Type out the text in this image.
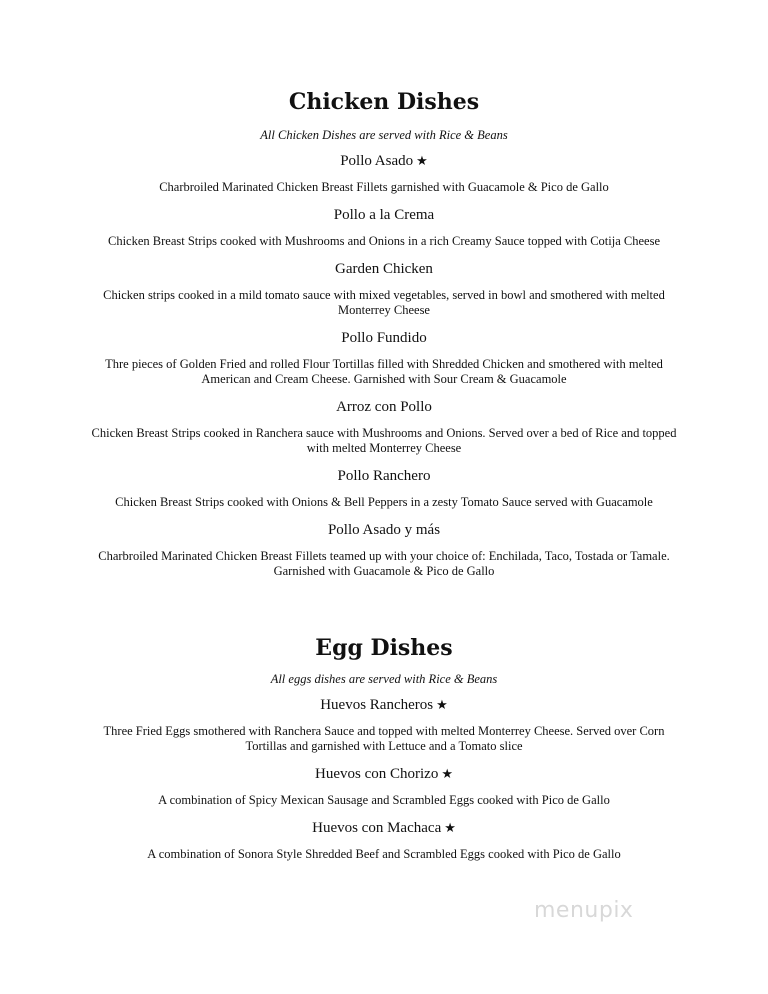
Chicken Dishes

All Chicken Dishes are served with Rice & Beans

Pollo Asado ★

Charbroiled Marinated Chicken Breast Fillets garnished with Guacamole & Pico de Gallo

Pollo a la Crema

Chicken Breast Strips cooked with Mushrooms and Onions in a rich Creamy Sauce topped with Cotija Cheese

Garden Chicken

Chicken strips cooked in a mild tomato sauce with mixed vegetables, served in bowl and smothered with melted Monterrey Cheese

Pollo Fundido

Thre pieces of Golden Fried and rolled Flour Tortillas filled with Shredded Chicken and smothered with melted American and Cream Cheese. Garnished with Sour Cream & Guacamole

Arroz con Pollo

Chicken Breast Strips cooked in Ranchera sauce with Mushrooms and Onions. Served over a bed of Rice and topped with melted Monterrey Cheese

Pollo Ranchero

Chicken Breast Strips cooked with Onions & Bell Peppers in a zesty Tomato Sauce served with Guacamole

Pollo Asado y más

Charbroiled Marinated Chicken Breast Fillets teamed up with your choice of: Enchilada, Taco, Tostada or Tamale. Garnished with Guacamole & Pico de Gallo

Egg Dishes

All eggs dishes are served with Rice & Beans

Huevos Rancheros ★

Three Fried Eggs smothered with Ranchera Sauce and topped with melted Monterrey Cheese. Served over Corn Tortillas and garnished with Lettuce and a Tomato slice

Huevos con Chorizo ★

A combination of Spicy Mexican Sausage and Scrambled Eggs cooked with Pico de Gallo

Huevos con Machaca ★

A combination of Sonora Style Shredded Beef and Scrambled Eggs cooked with Pico de Gallo

menupix
